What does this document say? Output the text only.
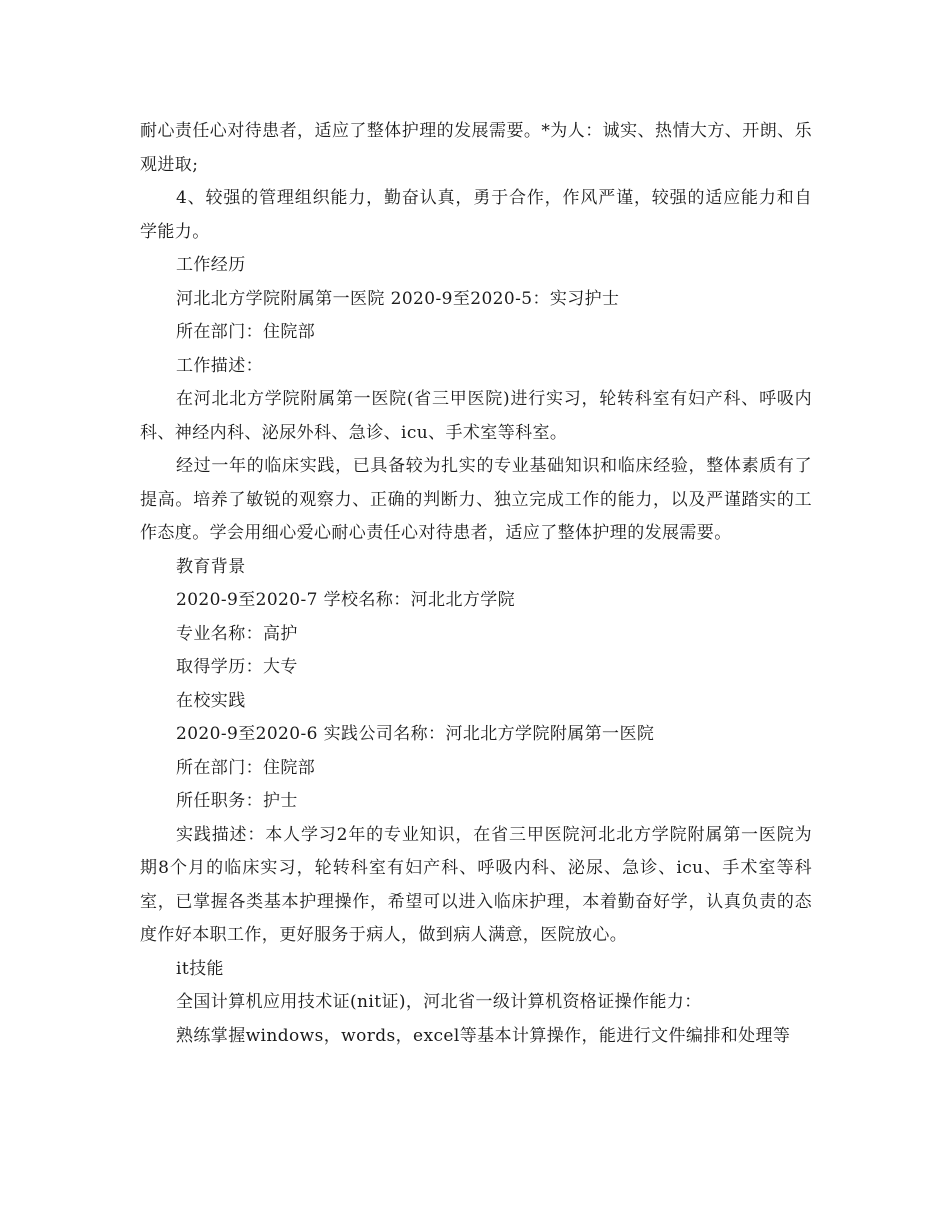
耐心责任心对待患者，适应了整体护理的发展需要。*为人：诚实、热情大方、开朗、乐观进取;

4、较强的管理组织能力，勤奋认真，勇于合作，作风严谨，较强的适应能力和自学能力。

工作经历

河北北方学院附属第一医院 2020-9至2020-5：实习护士

所在部门：住院部

工作描述：

在河北北方学院附属第一医院(省三甲医院)进行实习，轮转科室有妇产科、呼吸内科、神经内科、泌尿外科、急诊、icu、手术室等科室。

经过一年的临床实践，已具备较为扎实的专业基础知识和临床经验，整体素质有了提高。培养了敏锐的观察力、正确的判断力、独立完成工作的能力，以及严谨踏实的工作态度。学会用细心爱心耐心责任心对待患者，适应了整体护理的发展需要。

教育背景

2020-9至2020-7 学校名称：河北北方学院

专业名称：高护

取得学历：大专

在校实践

2020-9至2020-6 实践公司名称：河北北方学院附属第一医院

所在部门：住院部

所任职务：护士

实践描述：本人学习2年的专业知识，在省三甲医院河北北方学院附属第一医院为期8个月的临床实习，轮转科室有妇产科、呼吸内科、泌尿、急诊、icu、手术室等科室，已掌握各类基本护理操作，希望可以进入临床护理，本着勤奋好学，认真负责的态度作好本职工作，更好服务于病人，做到病人满意，医院放心。

it技能

全国计算机应用技术证(nit证)，河北省一级计算机资格证操作能力：

熟练掌握windows，words，excel等基本计算操作，能进行文件编排和处理等
